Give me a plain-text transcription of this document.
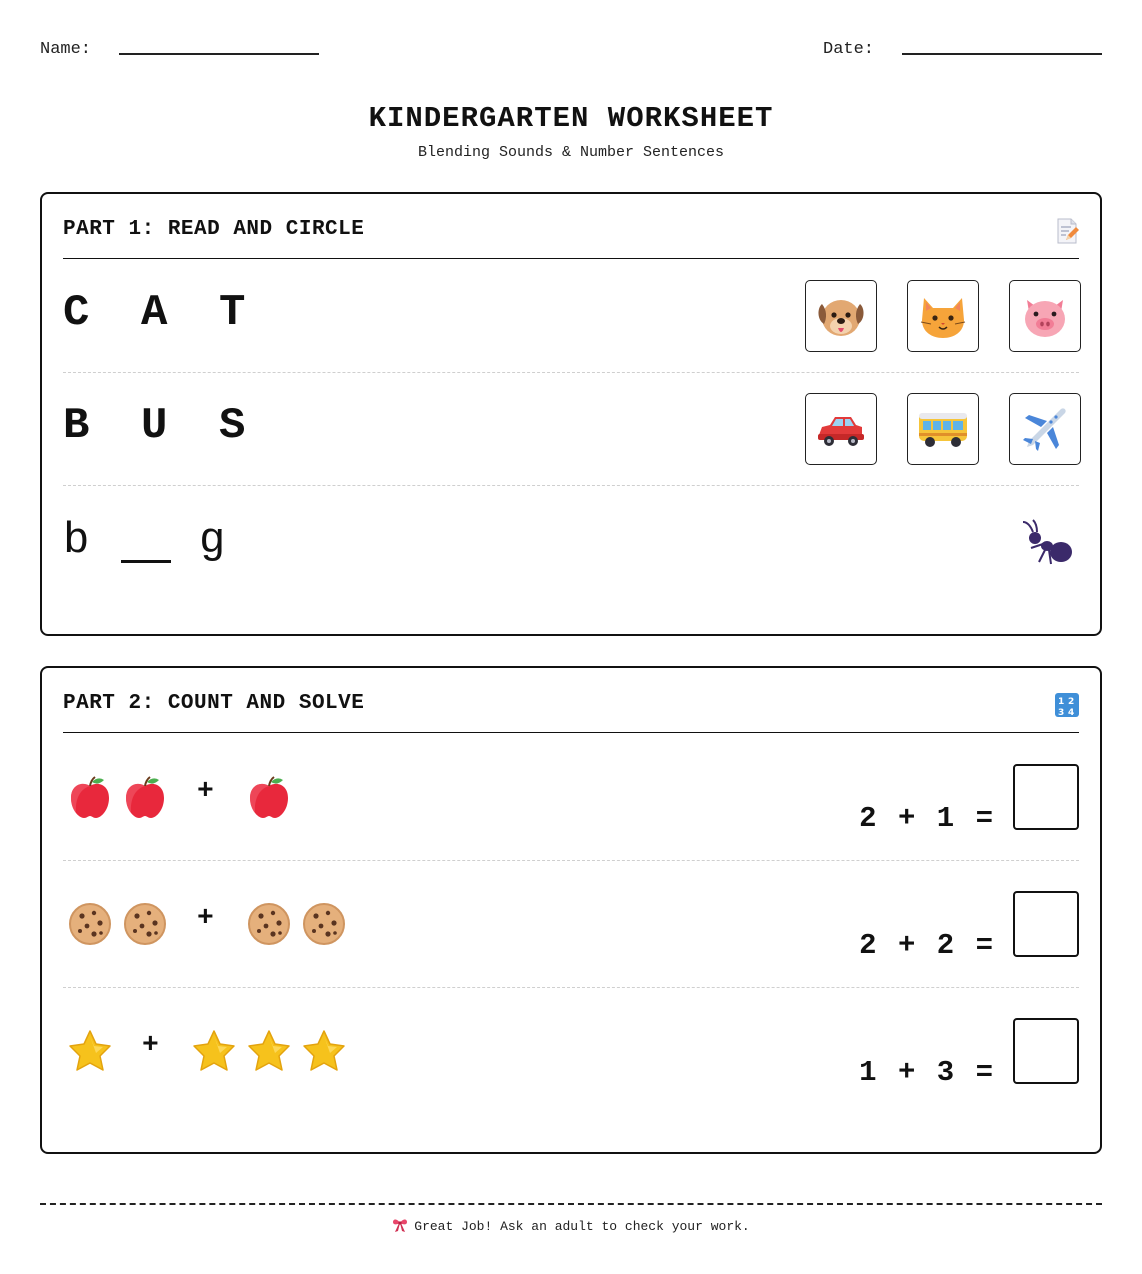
Name:	Date:
KINDERGARTEN WORKSHEET
Blending Sounds & Number Sentences
PART 1: READ AND CIRCLE
C A T
B U S
b g
PART 2: COUNT AND SOLVE	1 2
3 4
+
2 + 1 =
+
2 + 2 =
+
1 + 3 =
Great Job! Ask an adult to check your work.
